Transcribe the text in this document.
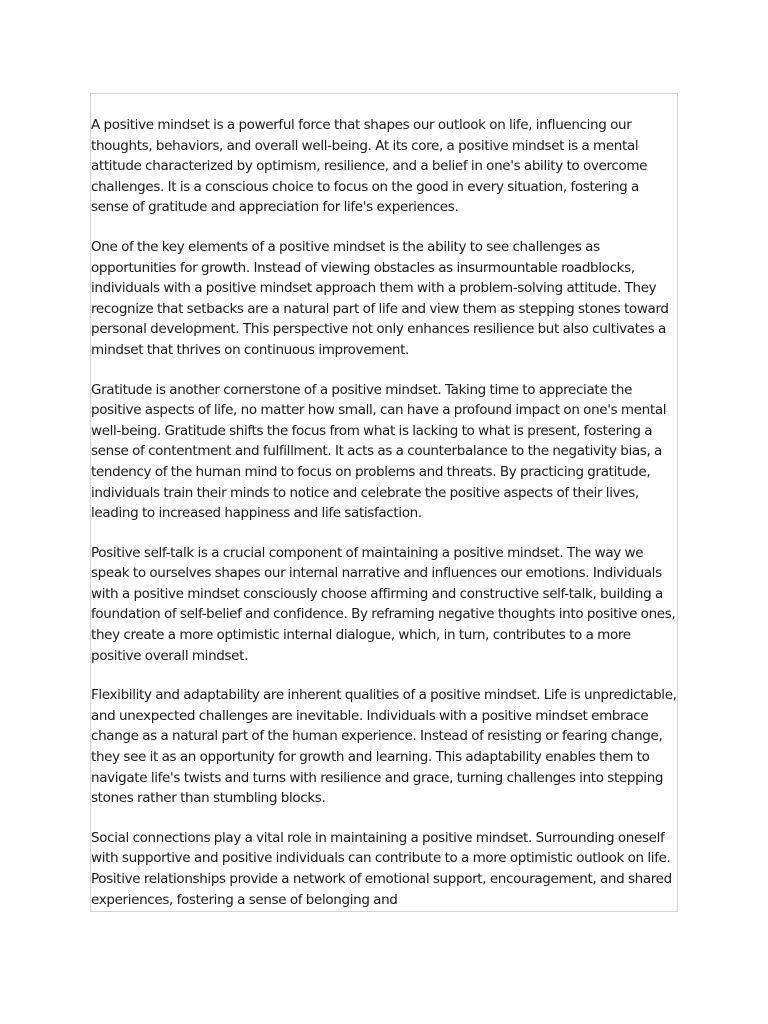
A positive mindset is a powerful force that shapes our outlook on life, influencing our thoughts, behaviors, and overall well-being. At its core, a positive mindset is a mental attitude characterized by optimism, resilience, and a belief in one's ability to overcome challenges. It is a conscious choice to focus on the good in every situation, fostering a sense of gratitude and appreciation for life's experiences.

One of the key elements of a positive mindset is the ability to see challenges as opportunities for growth. Instead of viewing obstacles as insurmountable roadblocks, individuals with a positive mindset approach them with a problem-solving attitude. They recognize that setbacks are a natural part of life and view them as stepping stones toward personal development. This perspective not only enhances resilience but also cultivates a mindset that thrives on continuous improvement.

Gratitude is another cornerstone of a positive mindset. Taking time to appreciate the positive aspects of life, no matter how small, can have a profound impact on one's mental well-being. Gratitude shifts the focus from what is lacking to what is present, fostering a sense of contentment and fulfillment. It acts as a counterbalance to the negativity bias, a tendency of the human mind to focus on problems and threats. By practicing gratitude, individuals train their minds to notice and celebrate the positive aspects of their lives, leading to increased happiness and life satisfaction.

Positive self-talk is a crucial component of maintaining a positive mindset. The way we speak to ourselves shapes our internal narrative and influences our emotions. Individuals with a positive mindset consciously choose affirming and constructive self-talk, building a foundation of self-belief and confidence. By reframing negative thoughts into positive ones, they create a more optimistic internal dialogue, which, in turn, contributes to a more positive overall mindset.

Flexibility and adaptability are inherent qualities of a positive mindset. Life is unpredictable, and unexpected challenges are inevitable. Individuals with a positive mindset embrace change as a natural part of the human experience. Instead of resisting or fearing change, they see it as an opportunity for growth and learning. This adaptability enables them to navigate life's twists and turns with resilience and grace, turning challenges into stepping stones rather than stumbling blocks.

Social connections play a vital role in maintaining a positive mindset. Surrounding oneself with supportive and positive individuals can contribute to a more optimistic outlook on life. Positive relationships provide a network of emotional support, encouragement, and shared experiences, fostering a sense of belonging and
